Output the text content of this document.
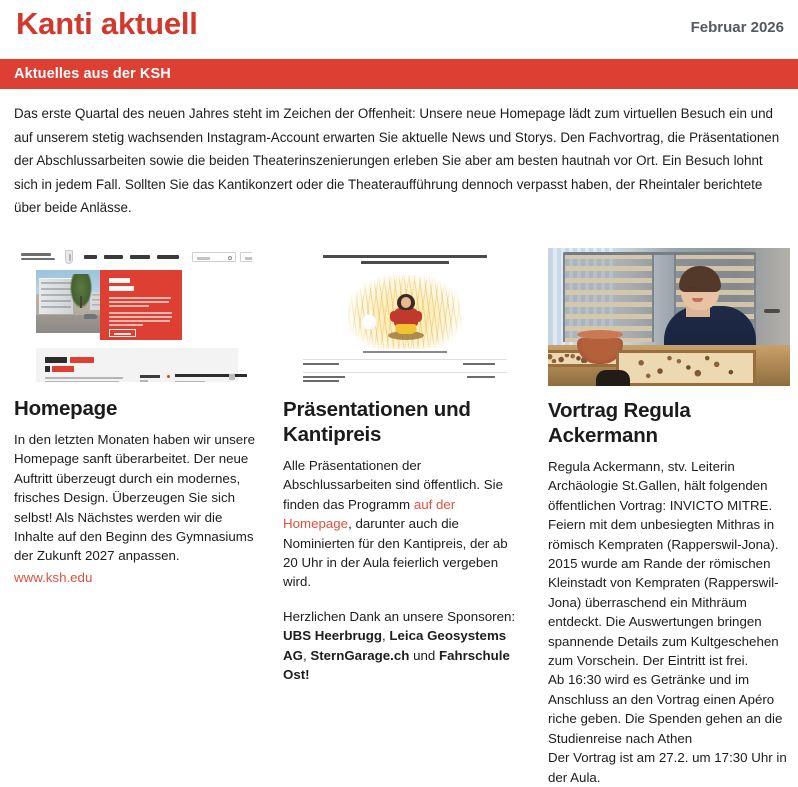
Kanti aktuell	Februar 2026
Aktuelles aus der KSH
Das erste Quartal des neuen Jahres steht im Zeichen der Offenheit: Unsere neue Homepage lädt zum virtuellen Besuch ein und auf unserem stetig wachsenden Instagram-Account erwarten Sie aktuelle News und Storys. Den Fachvortrag, die Präsentationen der Abschlussarbeiten sowie die beiden Theaterinszenierungen erleben Sie aber am besten hautnah vor Ort. Ein Besuch lohnt sich in jedem Fall. Sollten Sie das Kantikonzert oder die Theateraufführung dennoch verpasst haben, der Rheintaler berichtete über beide Anlässe.
Homepage

In den letzten Monaten haben wir unsere Homepage sanft überarbeitet. Der neue Auftritt überzeugt durch ein modernes, frisches Design. Überzeugen Sie sich selbst! Als Nächstes werden wir die Inhalte auf den Beginn des Gymnasiums der Zukunft 2027 anpassen.

www.ksh.edu

Präsentationen und Kantipreis

Alle Präsentationen der Abschlussarbeiten sind öffentlich. Sie finden das Programm auf der Homepage, darunter auch die Nominierten für den Kantipreis, der ab 20 Uhr in der Aula feierlich vergeben wird.

Herzlichen Dank an unsere Sponsoren: UBS Heerbrugg, Leica Geosystems AG, SternGarage.ch und Fahrschule Ost!

Vortrag Regula Ackermann

Regula Ackermann, stv. Leiterin Archäologie St.Gallen, hält folgenden öffentlichen Vortrag: INVICTO MITRE. Feiern mit dem unbesiegten Mithras in römisch Kempraten (Rapperswil-Jona). 2015 wurde am Rande der römischen Kleinstadt von Kempraten (Rapperswil-Jona) überraschend ein Mithräum entdeckt. Die Auswertungen bringen spannende Details zum Kultgeschehen zum Vorschein. Der Eintritt ist frei.

Ab 16:30 wird es Getränke und im Anschluss an den Vortrag einen Apéro riche geben. Die Spenden gehen an die Studienreise nach Athen

Der Vortrag ist am 27.2. um 17:30 Uhr in der Aula.
